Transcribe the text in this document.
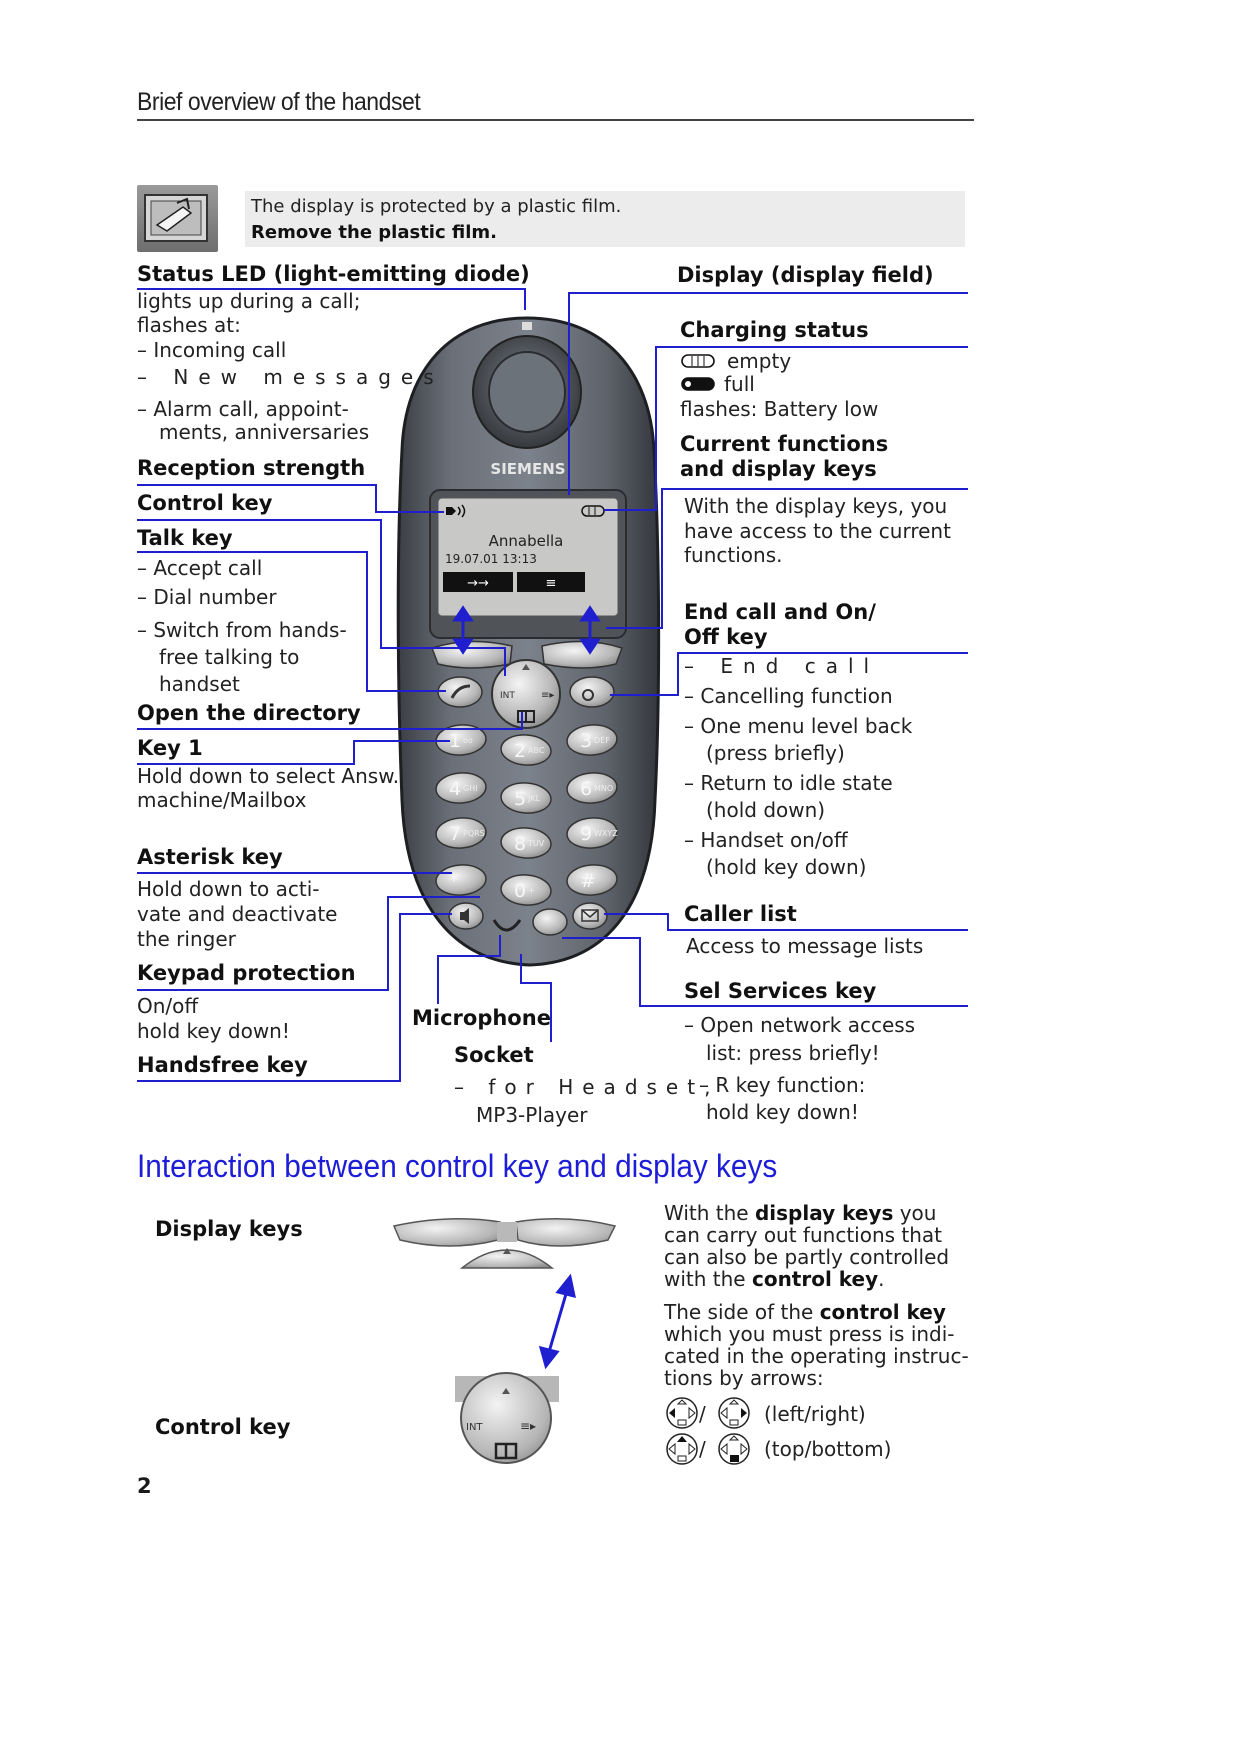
Brief overview of the handset
The display is protected by a plastic film.
Remove the plastic film.
SIEMENS
Annabella
19.07.01 13:13
→→	≡
INT	≡▸
1 oo 2 ABC 3 DEF
4 GHI 5 JKL 6 MNO
7 PQRS 8 TUV 9 WXYZ
*	0 + #
Status LED (light-emitting diode)
lights up during a call;
flashes at:
– Incoming call
– New messages
– Alarm call, appoint-
ments, anniversaries
Reception strength
Control key
Talk key
– Accept call
– Dial number
– Switch from hands-
free talking to
handset
Open the directory
Key 1
Hold down to select Answ.
machine/Mailbox
Asterisk key
Hold down to acti-
vate and deactivate
the ringer
Keypad protection
On/off
hold key down!
Handsfree key
Microphone
Socket
– for Headset,
MP3-Player
Display (display field)
Charging status
empty
full
flashes: Battery low
Current functions
and display keys
With the display keys, you
have access to the current
functions.
End call and On/
Off key
– End call
– Cancelling function
– One menu level back
(press briefly)
– Return to idle state
(hold down)
– Handset on/off
(hold key down)
Caller list
Access to message lists
Sel Services key
– Open network access
list: press briefly!
– R key function:
hold key down!
Interaction between control key and display keys
Display keys
Control key	INT	≡▸
With the display keys you
can carry out functions that
can also be partly controlled
with the control key.
The side of the control key
which you must press is indi-
cated in the operating instruc-
tions by arrows:
/
/
(left/right)
(top/bottom)
2
